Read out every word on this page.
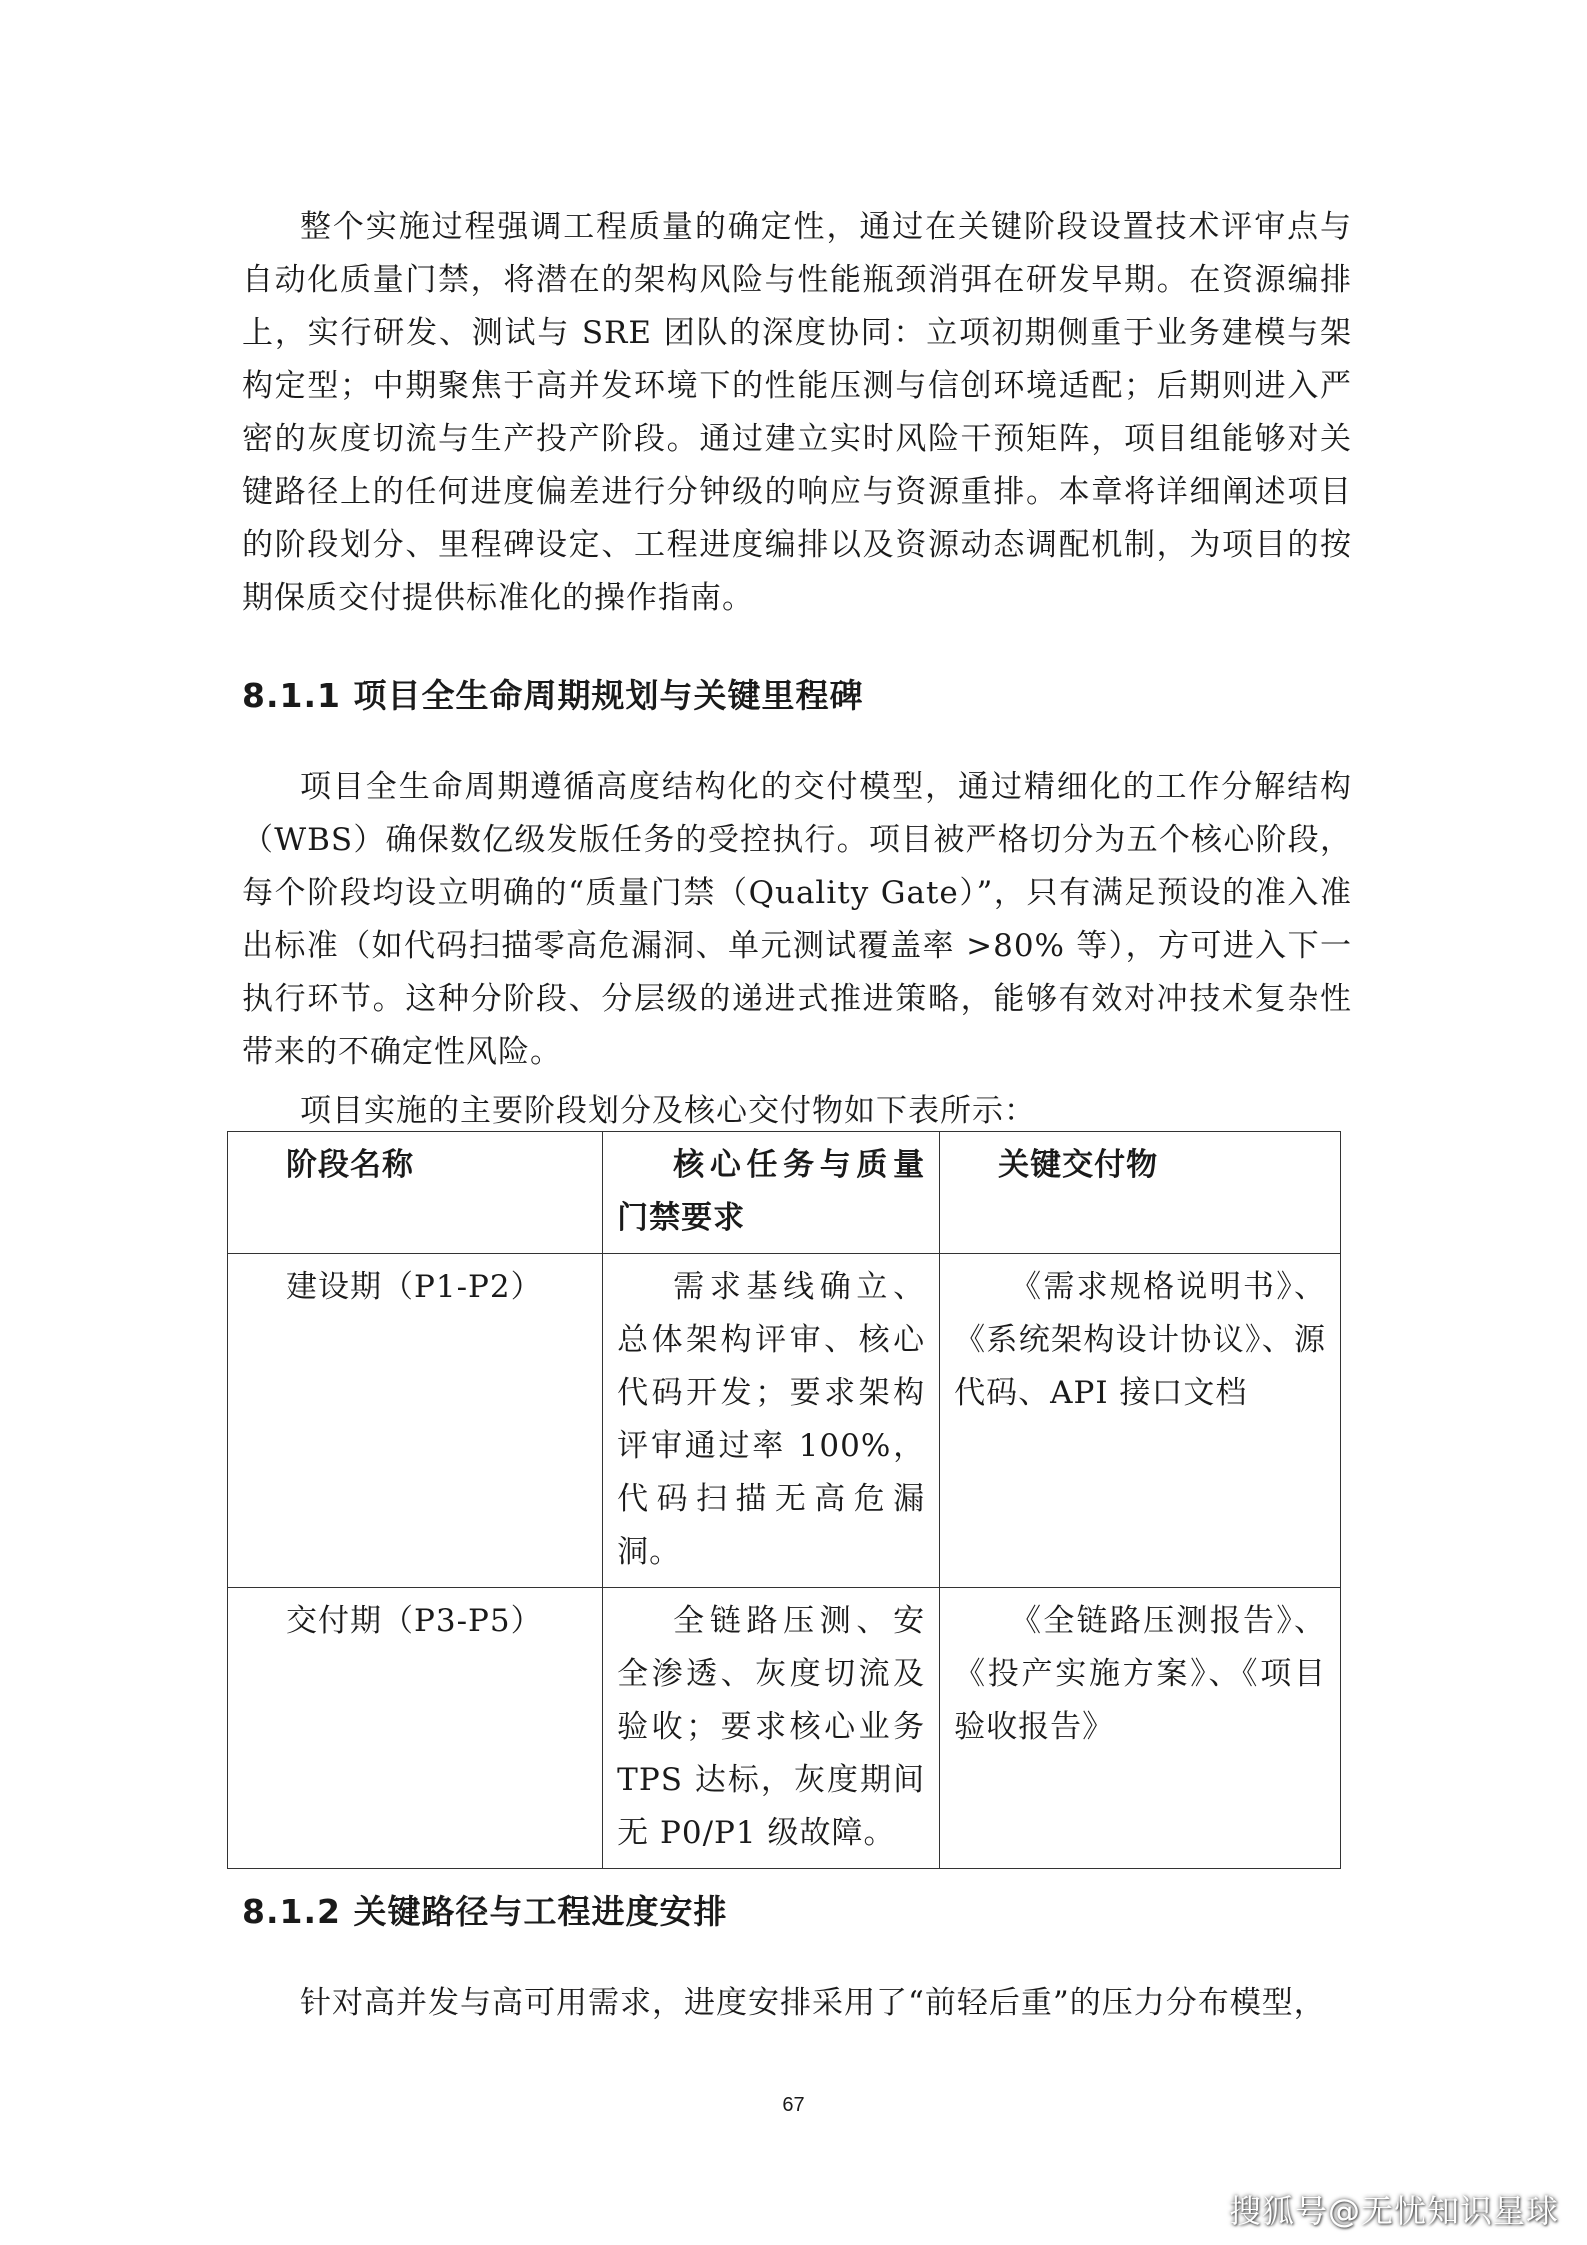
整个实施过程强调工程质量的确定性，通过在关键阶段设置技术评审点与自动化质量门禁，将潜在的架构风险与性能瓶颈消弭在研发早期。在资源编排上，实行研发、测试与 SRE 团队的深度协同：立项初期侧重于业务建模与架构定型；中期聚焦于高并发环境下的性能压测与信创环境适配；后期则进入严密的灰度切流与生产投产阶段。通过建立实时风险干预矩阵，项目组能够对关键路径上的任何进度偏差进行分钟级的响应与资源重排。本章将详细阐述项目的阶段划分、里程碑设定、工程进度编排以及资源动态调配机制，为项目的按期保质交付提供标准化的操作指南。

8.1.1 项目全生命周期规划与关键里程碑

项目全生命周期遵循高度结构化的交付模型，通过精细化的工作分解结构（WBS）确保数亿级发版任务的受控执行。项目被严格切分为五个核心阶段，每个阶段均设立明确的“质量门禁（Quality Gate）”，只有满足预设的准入准出标准（如代码扫描零高危漏洞、单元测试覆盖率 >80% 等），方可进入下一执行环节。这种分阶段、分层级的递进式推进策略，能够有效对冲技术复杂性带来的不确定性风险。

项目实施的主要阶段划分及核心交付物如下表所示：

阶段名称	核心任务与质量门禁要求	关键交付物
建设期（P1-P2）	需求基线确立、总体架构评审、核心代码开发；要求架构评审通过率 100%，代码扫描无高危漏洞。	《需求规格说明书》、《系统架构设计协议》、源代码、API 接口文档
交付期（P3-P5）	全链路压测、安全渗透、灰度切流及验收；要求核心业务 TPS 达标，灰度期间无 P0/P1 级故障。	《全链路压测报告》、《投产实施方案》、《项目验收报告》
8.1.2 关键路径与工程进度安排

针对高并发与高可用需求，进度安排采用了“前轻后重”的压力分布模型，

67
搜狐号@无忧知识星球
